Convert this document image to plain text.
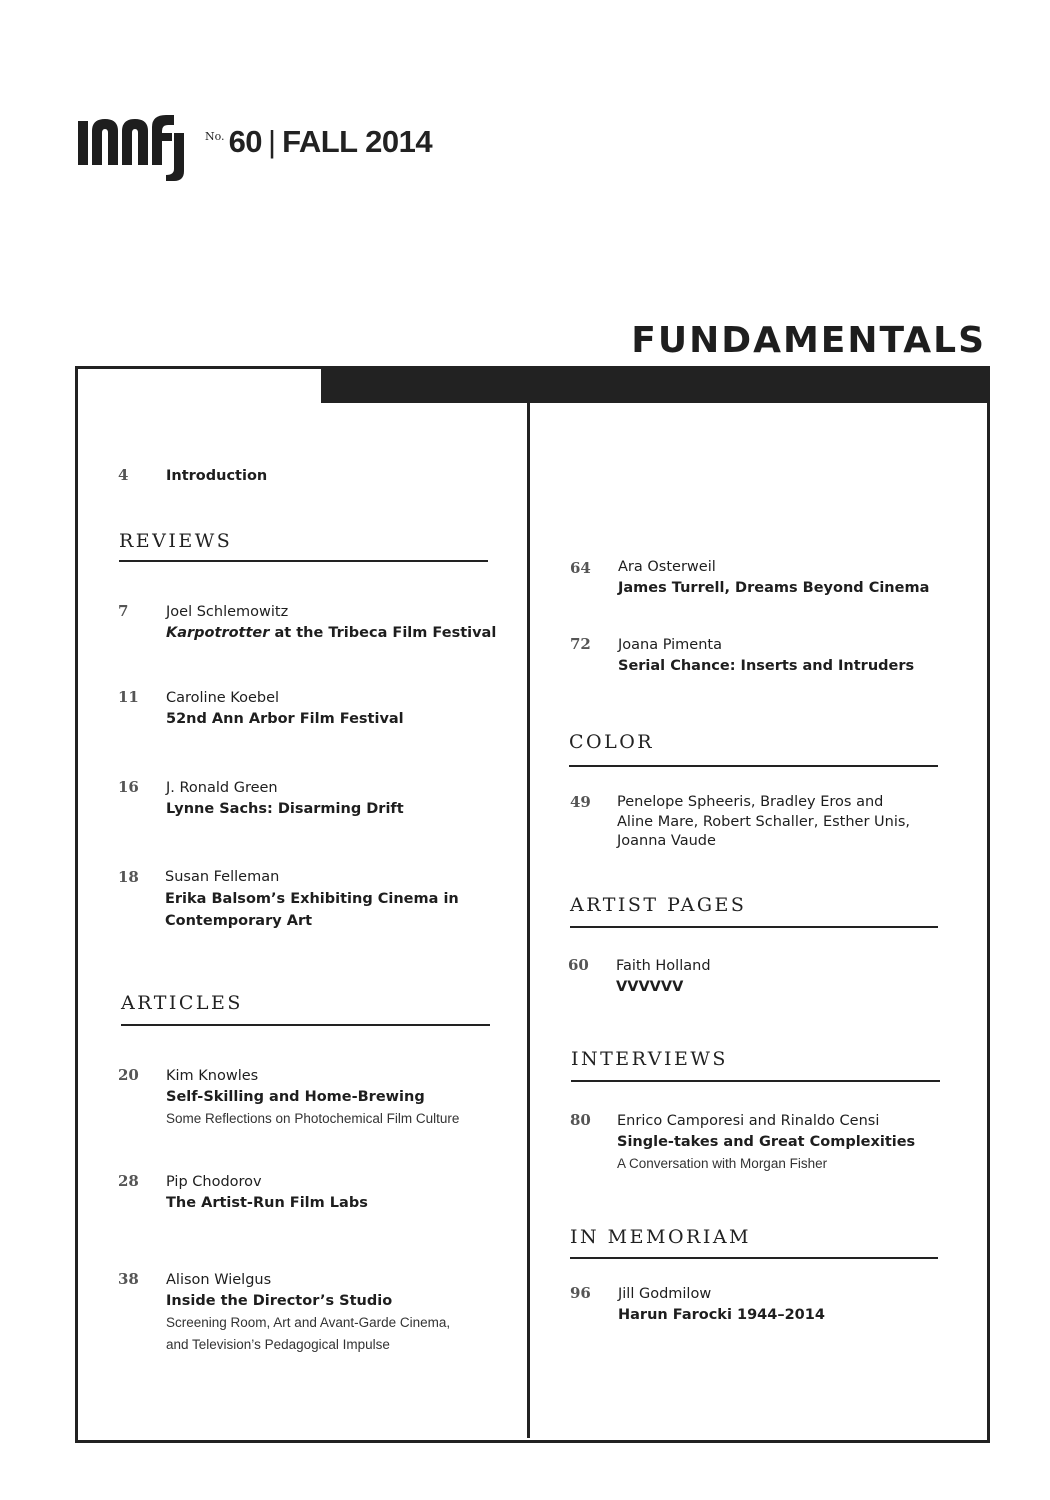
No. 60 | FALL 2014
FUNDAMENTALS
4	Introduction
REVIEWS
7	Joel Schlemowitz
Karpotrotter at the Tribeca Film Festival
11 Caroline Koebel
52nd Ann Arbor Film Festival
16 J. Ronald Green
Lynne Sachs: Disarming Drift
18 Susan Felleman
Erika Balsom’s Exhibiting Cinema in
Contemporary Art
ARTICLES
20 Kim Knowles
Self-Skilling and Home-Brewing
Some Reflections on Photochemical Film Culture
28 Pip Chodorov
The Artist-Run Film Labs
38 Alison Wielgus
Inside the Director’s Studio
Screening Room, Art and Avant-Garde Cinema,
and Television’s Pedagogical Impulse
64 Ara Osterweil
James Turrell, Dreams Beyond Cinema
72 Joana Pimenta
Serial Chance: Inserts and Intruders
COLOR
49 Penelope Spheeris, Bradley Eros and
Aline Mare, Robert Schaller, Esther Unis,
Joanna Vaude
ARTIST PAGES
60 Faith Holland
VVVVVV
INTERVIEWS
80 Enrico Camporesi and Rinaldo Censi
Single-takes and Great Complexities
A Conversation with Morgan Fisher
IN MEMORIAM
96 Jill Godmilow
Harun Farocki 1944–2014
